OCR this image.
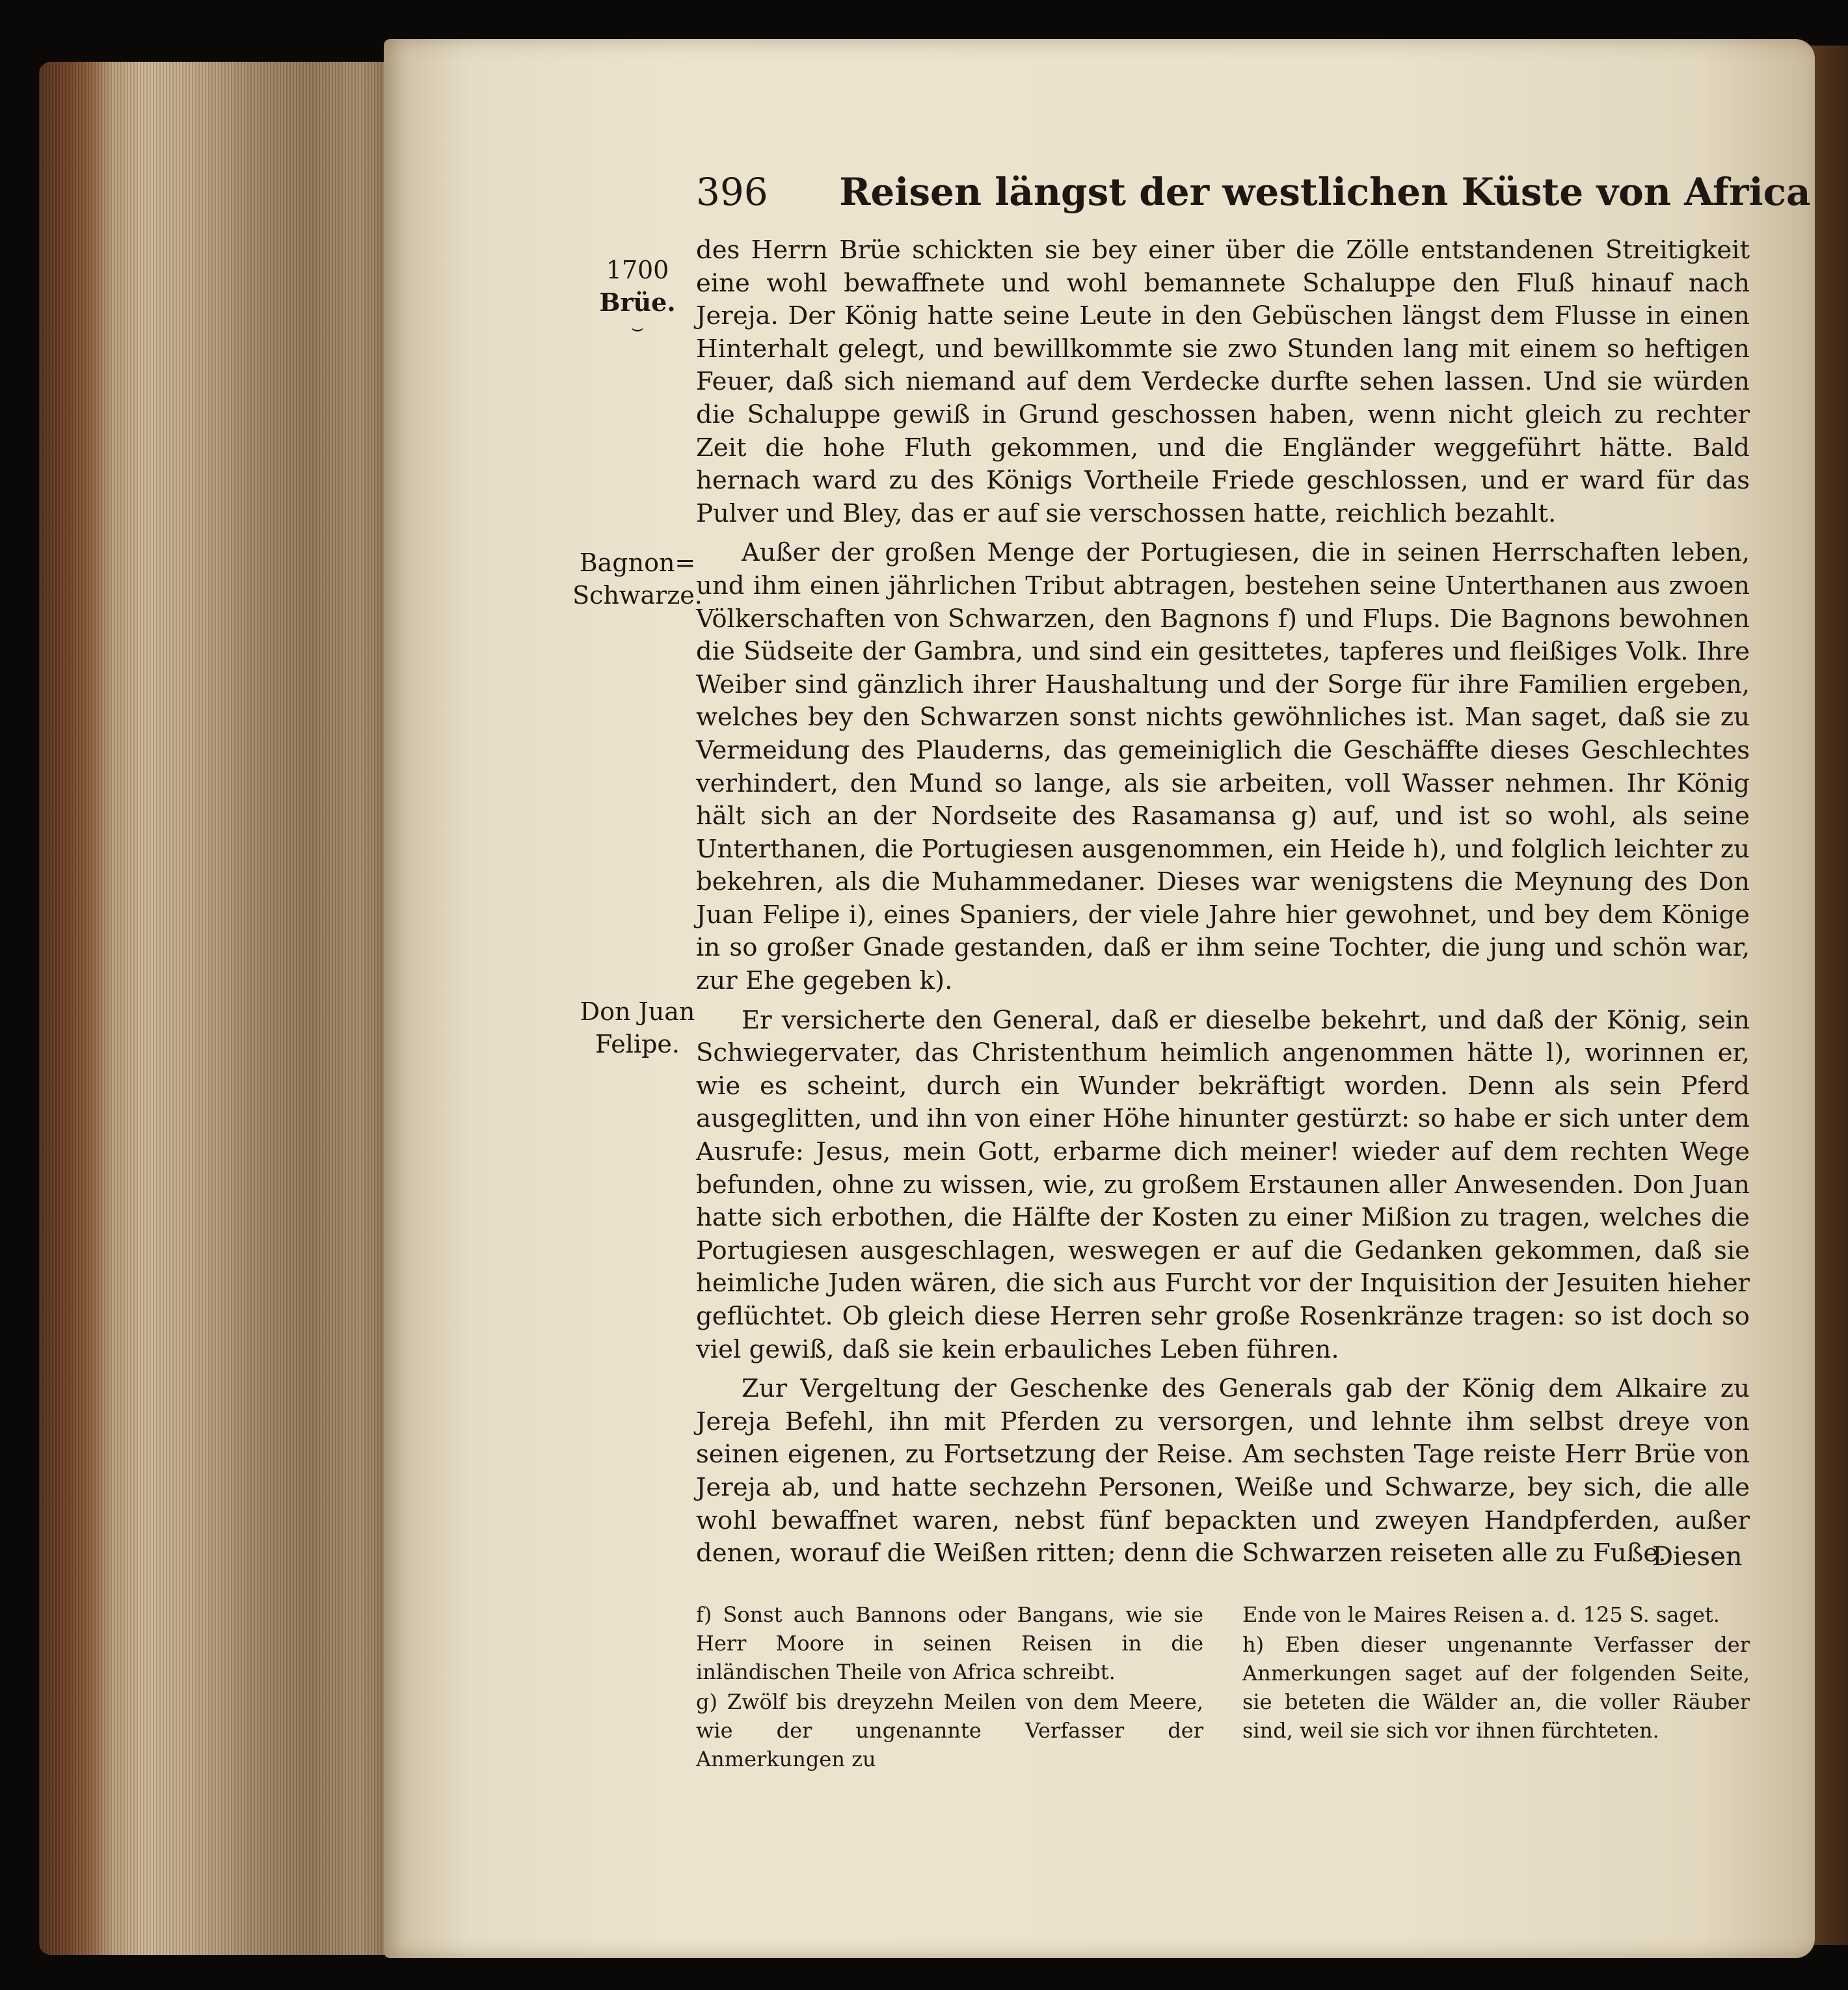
396 Reisen längst der westlichen Küste von Africa
1700
Brüe.
⌣
Bagnon=
Schwarze.
Don Juan
Felipe.

des Herrn Brüe schickten sie bey einer über die Zölle entstandenen Streitigkeit eine wohl bewaffnete und wohl bemannete Schaluppe den Fluß hinauf nach Jereja. Der König hatte seine Leute in den Gebüschen längst dem Flusse in einen Hinterhalt gelegt, und bewillkommte sie zwo Stunden lang mit einem so heftigen Feuer, daß sich niemand auf dem Verdecke durfte sehen lassen. Und sie würden die Schaluppe gewiß in Grund geschossen haben, wenn nicht gleich zu rechter Zeit die hohe Fluth gekommen, und die Engländer weggeführt hätte. Bald hernach ward zu des Königs Vortheile Friede geschlossen, und er ward für das Pulver und Bley, das er auf sie verschossen hatte, reichlich bezahlt.

Außer der großen Menge der Portugiesen, die in seinen Herrschaften leben, und ihm einen jährlichen Tribut abtragen, bestehen seine Unterthanen aus zwoen Völkerschaften von Schwarzen, den Bagnons f) und Flups. Die Bagnons bewohnen die Südseite der Gambra, und sind ein gesittetes, tapferes und fleißiges Volk. Ihre Weiber sind gänzlich ihrer Haushaltung und der Sorge für ihre Familien ergeben, welches bey den Schwarzen sonst nichts gewöhnliches ist. Man saget, daß sie zu Vermeidung des Plauderns, das gemeiniglich die Geschäffte dieses Geschlechtes verhindert, den Mund so lange, als sie arbeiten, voll Wasser nehmen. Ihr König hält sich an der Nordseite des Rasamansa g) auf, und ist so wohl, als seine Unterthanen, die Portugiesen ausgenommen, ein Heide h), und folglich leichter zu bekehren, als die Muhammedaner. Dieses war wenigstens die Meynung des Don Juan Felipe i), eines Spaniers, der viele Jahre hier gewohnet, und bey dem Könige in so großer Gnade gestanden, daß er ihm seine Tochter, die jung und schön war, zur Ehe gegeben k).

Er versicherte den General, daß er dieselbe bekehrt, und daß der König, sein Schwiegervater, das Christenthum heimlich angenommen hätte l), worinnen er, wie es scheint, durch ein Wunder bekräftigt worden. Denn als sein Pferd ausgeglitten, und ihn von einer Höhe hinunter gestürzt: so habe er sich unter dem Ausrufe: Jesus, mein Gott, erbarme dich meiner! wieder auf dem rechten Wege befunden, ohne zu wissen, wie, zu großem Erstaunen aller Anwesenden. Don Juan hatte sich erbothen, die Hälfte der Kosten zu einer Mißion zu tragen, welches die Portugiesen ausgeschlagen, weswegen er auf die Gedanken gekommen, daß sie heimliche Juden wären, die sich aus Furcht vor der Inquisition der Jesuiten hieher geflüchtet. Ob gleich diese Herren sehr große Rosenkränze tragen: so ist doch so viel gewiß, daß sie kein erbauliches Leben führen.

Zur Vergeltung der Geschenke des Generals gab der König dem Alkaire zu Jereja Befehl, ihn mit Pferden zu versorgen, und lehnte ihm selbst dreye von seinen eigenen, zu Fortsetzung der Reise. Am sechsten Tage reiste Herr Brüe von Jereja ab, und hatte sechzehn Personen, Weiße und Schwarze, bey sich, die alle wohl bewaffnet waren, nebst fünf bepackten und zweyen Handpferden, außer denen, worauf die Weißen ritten; denn die Schwarzen reiseten alle zu Fuße.

Diesen

f) Sonst auch Bannons oder Bangans, wie sie Herr Moore in seinen Reisen in die inländischen Theile von Africa schreibt.

g) Zwölf bis dreyzehn Meilen von dem Meere, wie der ungenannte Verfasser der Anmerkungen zu

Ende von le Maires Reisen a. d. 125 S. saget.

h) Eben dieser ungenannte Verfasser der Anmerkungen saget auf der folgenden Seite, sie beteten die Wälder an, die voller Räuber sind, weil sie sich vor ihnen fürchteten.
